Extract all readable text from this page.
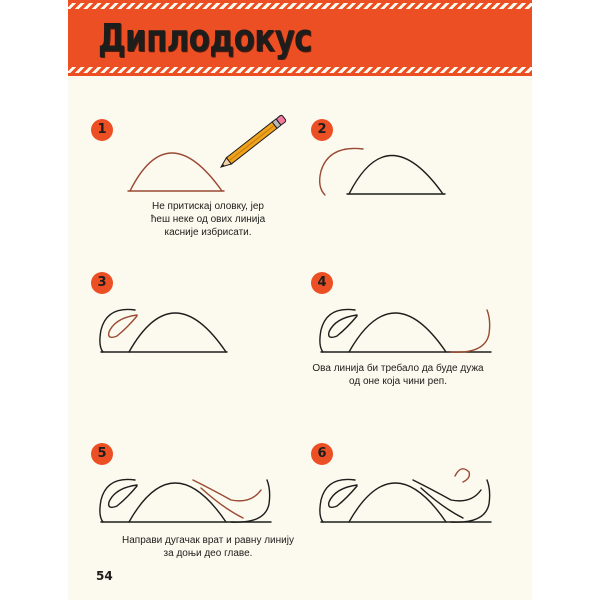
Диплодокус
1

Не притискај оловку, јер
ћеш неке од ових линија
касније избрисати.

2
3	4

Ова линија би требало да буде дужа
од оне која чини реп.

5

Направи дугачак врат и равну линију
за доњи део главе.

6
54
